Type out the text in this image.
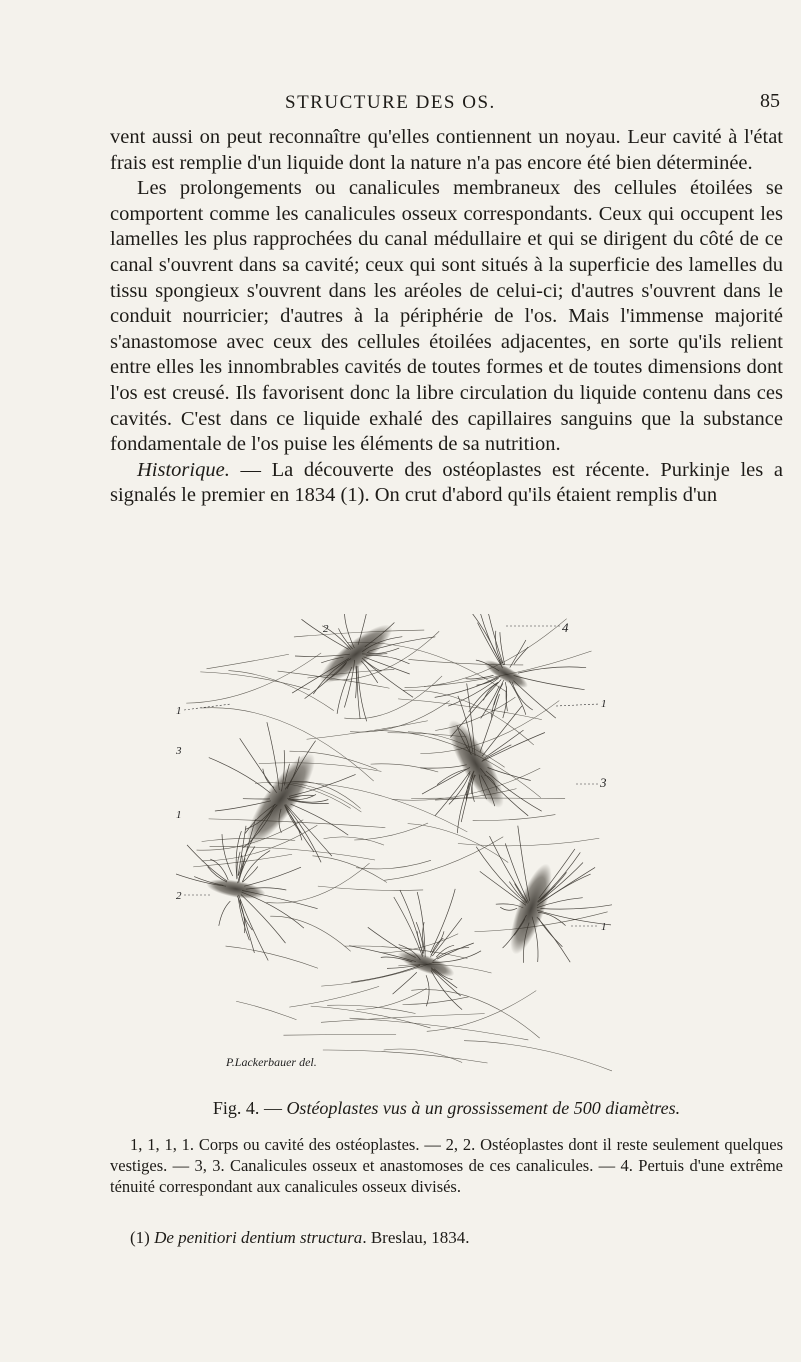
STRUCTURE DES OS.	85

vent aussi on peut reconnaître qu'elles contiennent un noyau. Leur cavité à l'état frais est remplie d'un liquide dont la nature n'a pas encore été bien déterminée.

Les prolongements ou canalicules membraneux des cellules étoilées se comportent comme les canalicules osseux correspondants. Ceux qui occupent les lamelles les plus rapprochées du canal médullaire et qui se dirigent du côté de ce canal s'ouvrent dans sa cavité; ceux qui sont situés à la superficie des lamelles du tissu spongieux s'ouvrent dans les aréoles de celui-ci; d'autres s'ouvrent dans le conduit nourricier; d'autres à la périphérie de l'os. Mais l'immense majorité s'anastomose avec ceux des cellules étoilées adjacentes, en sorte qu'ils relient entre elles les innombrables cavités de toutes formes et de toutes dimensions dont l'os est creusé. Ils favorisent donc la libre circulation du liquide contenu dans ces cavités. C'est dans ce liquide exhalé des capillaires sanguins que la substance fondamentale de l'os puise les éléments de sa nutrition.

Historique. — La découverte des ostéoplastes est récente. Purkinje les a signalés le premier en 1834 (1). On crut d'abord qu'ils étaient remplis d'un

2	4
1
1
3
3
1
2
1
P.Lackerbauer del.
Fig. 4. — Ostéoplastes vus à un grossissement de 500 diamètres.

1, 1, 1, 1. Corps ou cavité des ostéoplastes. — 2, 2. Ostéoplastes dont il reste seulement quelques vestiges. — 3, 3. Canalicules osseux et anastomoses de ces canalicules. — 4. Pertuis d'une extrême ténuité correspondant aux canalicules osseux divisés.

(1) De penitiori dentium structura. Breslau, 1834.
